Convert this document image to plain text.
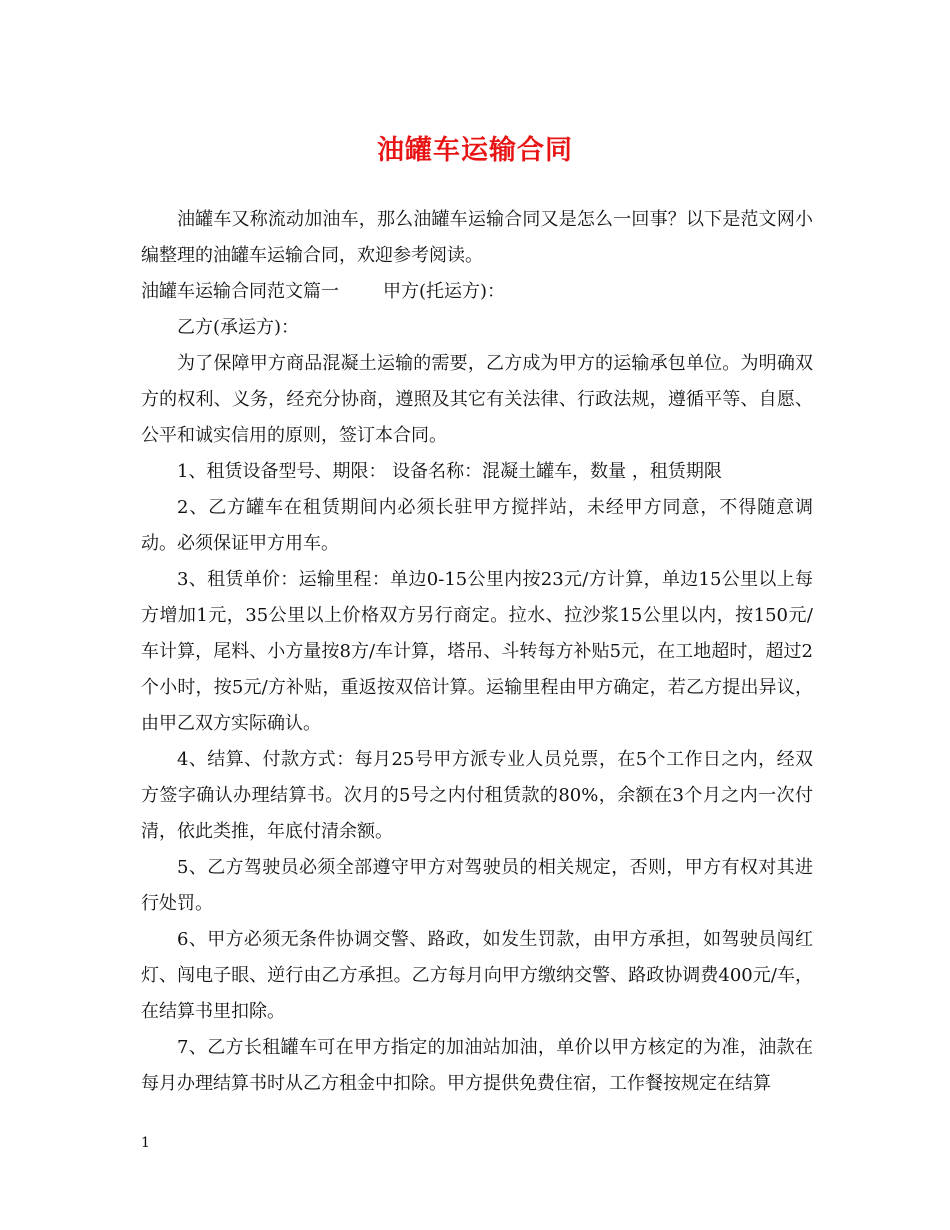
油罐车运输合同

油罐车又称流动加油车，那么油罐车运输合同又是怎么一回事？以下是范文网小编整理的油罐车运输合同，欢迎参考阅读。

油罐车运输合同范文篇一 甲方(托运方)：

乙方(承运方)：

为了保障甲方商品混凝土运输的需要，乙方成为甲方的运输承包单位。为明确双方的权利、义务，经充分协商，遵照及其它有关法律、行政法规，遵循平等、自愿、公平和诚实信用的原则，签订本合同。

1、租赁设备型号、期限： 设备名称：混凝土罐车，数量 ，租赁期限

2、乙方罐车在租赁期间内必须长驻甲方搅拌站，未经甲方同意，不得随意调动。必须保证甲方用车。

3、租赁单价：运输里程：单边0-15公里内按23元/方计算，单边15公里以上每方增加1元，35公里以上价格双方另行商定。拉水、拉沙浆15公里以内，按150元/车计算，尾料、小方量按8方/车计算，塔吊、斗转每方补贴5元，在工地超时，超过2个小时，按5元/方补贴，重返按双倍计算。运输里程由甲方确定，若乙方提出异议，由甲乙双方实际确认。

4、结算、付款方式：每月25号甲方派专业人员兑票，在5个工作日之内，经双方签字确认办理结算书。次月的5号之内付租赁款的80%，余额在3个月之内一次付清，依此类推，年底付清余额。

5、乙方驾驶员必须全部遵守甲方对驾驶员的相关规定，否则，甲方有权对其进行处罚。

6、甲方必须无条件协调交警、路政，如发生罚款，由甲方承担，如驾驶员闯红灯、闯电子眼、逆行由乙方承担。乙方每月向甲方缴纳交警、路政协调费400元/车，在结算书里扣除。

7、乙方长租罐车可在甲方指定的加油站加油，单价以甲方核定的为准，油款在每月办理结算书时从乙方租金中扣除。甲方提供免费住宿，工作餐按规定在结算

1
